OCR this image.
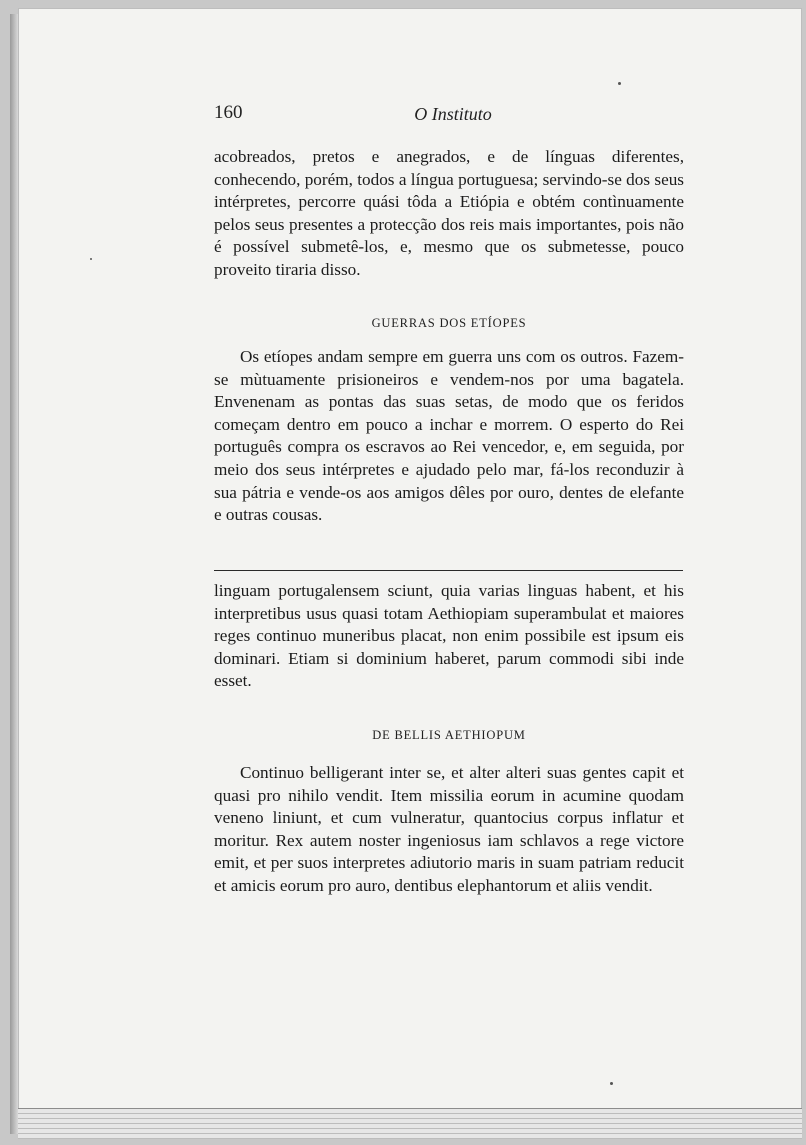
160	O Instituto

acobreados, pretos e anegrados, e de línguas diferentes, conhecendo, porém, todos a língua portuguesa; servindo-se dos seus intérpretes, percorre quási tôda a Etiópia e obtém contìnuamente pelos seus presentes a protecção dos reis mais importantes, pois não é possível submetê-los, e, mesmo que os submetesse, pouco proveito tiraria disso.

GUERRAS DOS ETÍOPES

Os etíopes andam sempre em guerra uns com os outros. Fazem-se mùtuamente prisioneiros e vendem-nos por uma bagatela. Envenenam as pontas das suas setas, de modo que os feridos começam dentro em pouco a inchar e morrem. O esperto do Rei português compra os escravos ao Rei vencedor, e, em seguida, por meio dos seus intérpretes e ajudado pelo mar, fá-los reconduzir à sua pátria e vende-os aos amigos dêles por ouro, dentes de elefante e outras cousas.

linguam portugalensem sciunt, quia varias linguas habent, et his interpretibus usus quasi totam Aethiopiam superambulat et maiores reges continuo muneribus placat, non enim possibile est ipsum eis dominari. Etiam si dominium haberet, parum commodi sibi inde esset.

DE BELLIS AETHIOPUM

Continuo belligerant inter se, et alter alteri suas gentes capit et quasi pro nihilo vendit. Item missilia eorum in acumine quodam veneno liniunt, et cum vulneratur, quantocius corpus inflatur et moritur. Rex autem noster ingeniosus iam schlavos a rege victore emit, et per suos interpretes adiutorio maris in suam patriam reducit et amicis eorum pro auro, dentibus elephantorum et aliis vendit.
